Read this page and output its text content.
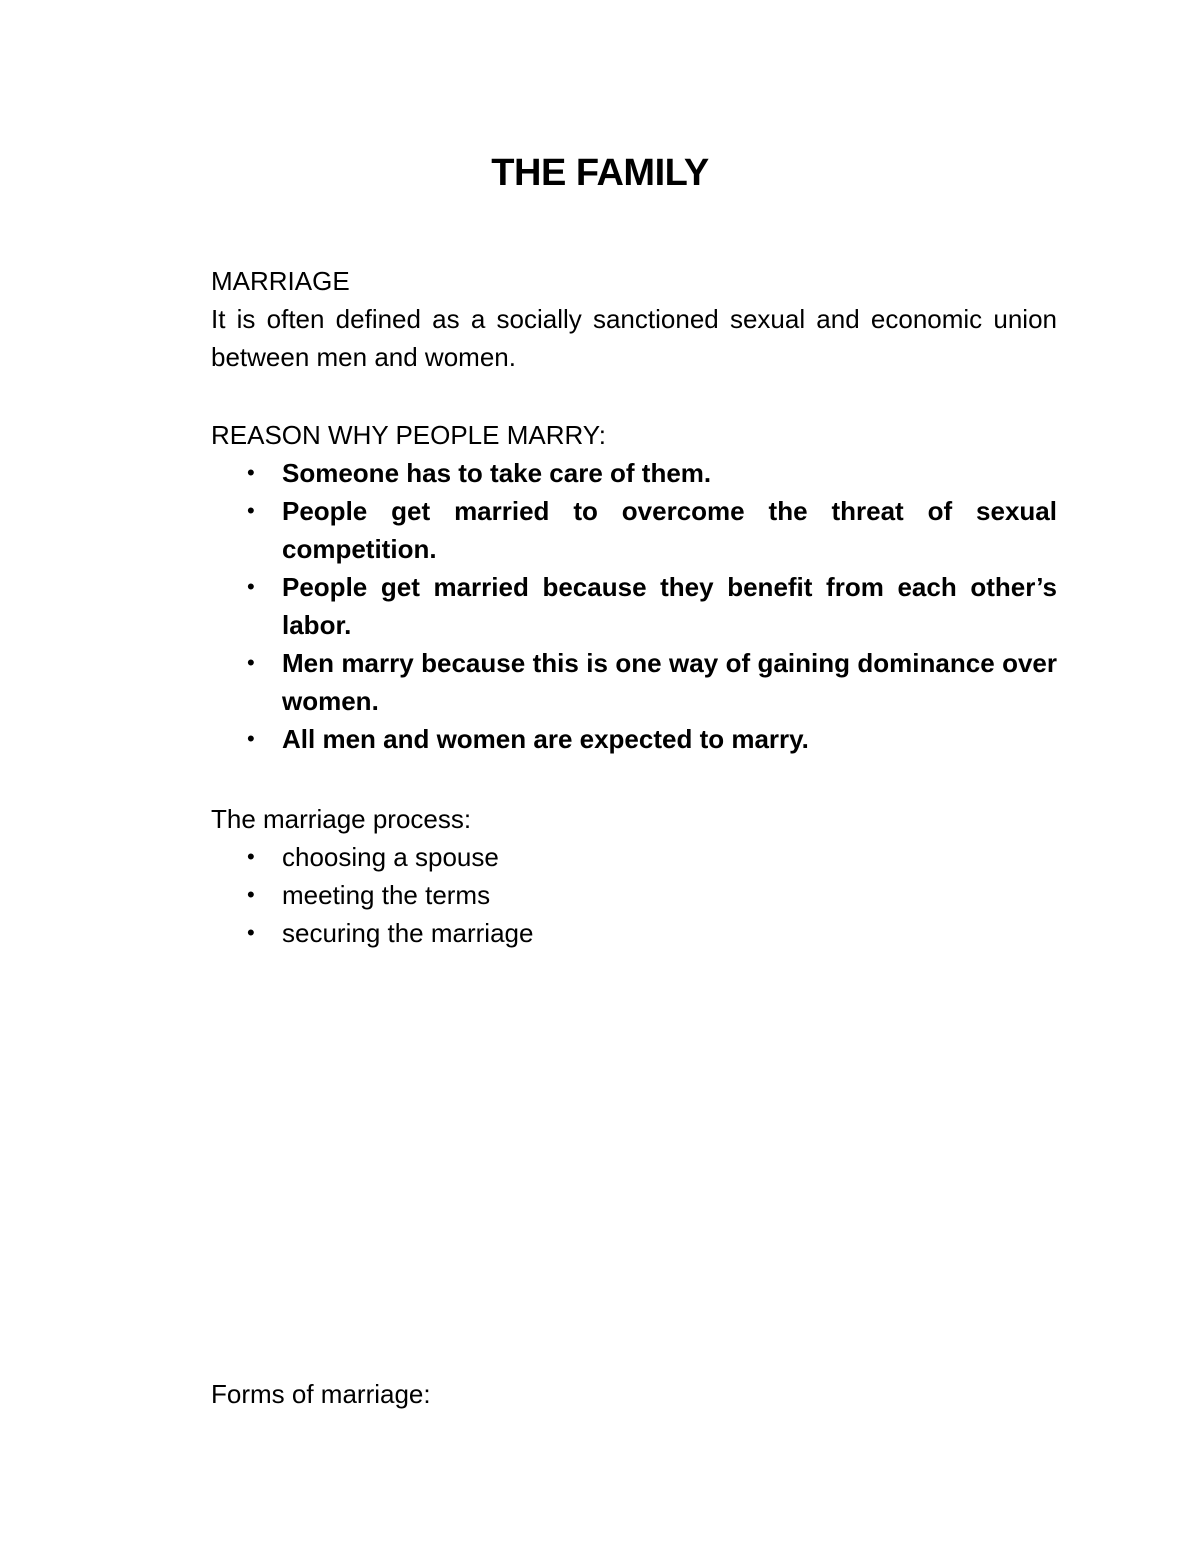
THE FAMILY

MARRIAGE

It is often defined as a socially sanctioned sexual and economic union between men and women.

REASON WHY PEOPLE MARRY:

• Someone has to take care of them.
• People get married to overcome the threat of sexual competition.
• People get married because they benefit from each other’s labor.
• Men marry because this is one way of gaining dominance over women.
• All men and women are expected to marry.

The marriage process:

• choosing a spouse
• meeting the terms
• securing the marriage

Forms of marriage:
